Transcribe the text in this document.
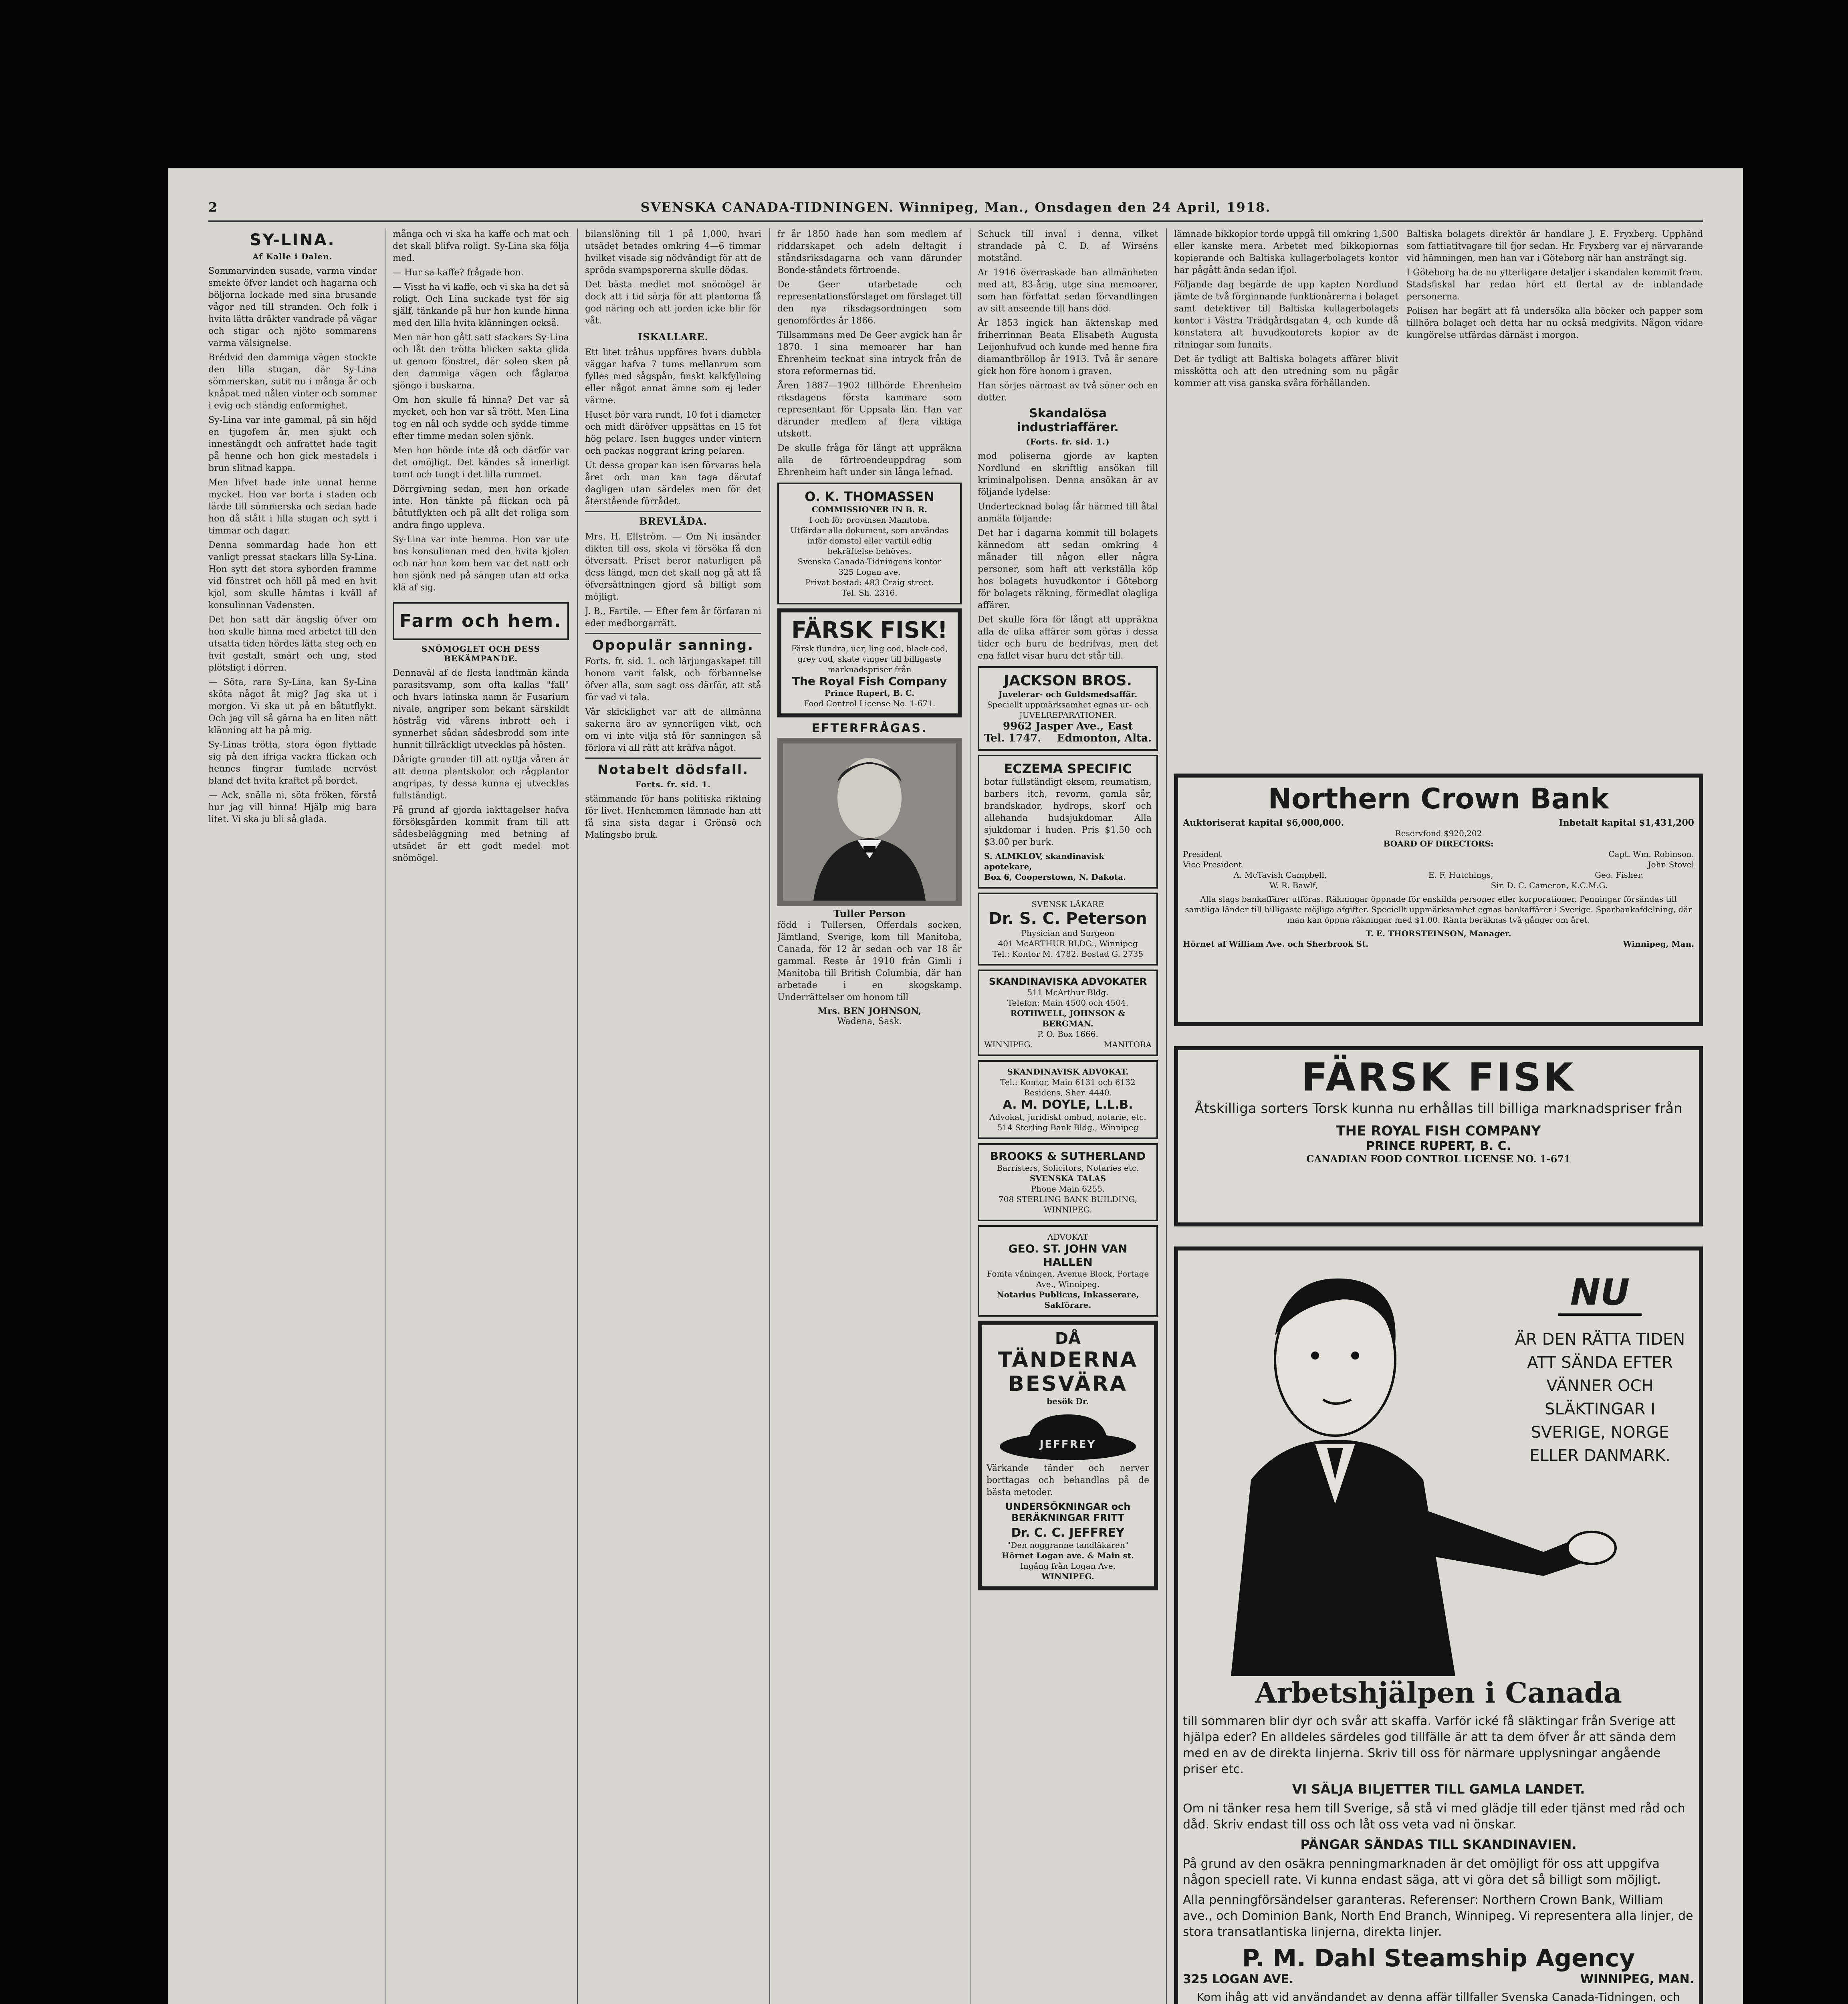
2	SVENSKA CANADA-TIDNINGEN. Winnipeg, Man., Onsdagen den 24 April, 1918.
SY-LINA.
Af Kalle i Dalen.

Sommarvinden susade, varma vindar smekte öfver landet och hagarna och böljorna lockade med sina brusande vågor ned till stranden. Och folk i hvita lätta dräkter vandrade på vägar och stigar och njöto sommarens varma välsignelse.

Brédvid den dammiga vägen stockte den lilla stugan, där Sy-Lina sömmerskan, sutit nu i många år och knåpat med nålen vinter och sommar i evig och ständig enformighet.

Sy-Lina var inte gammal, på sin höjd en tjugofem år, men sjukt och innestängdt och anfrattet hade tagit på henne och hon gick mestadels i brun slitnad kappa.

Men lifvet hade inte unnat henne mycket. Hon var borta i staden och lärde till sömmerska och sedan hade hon då stått i lilla stugan och sytt i timmar och dagar.

Denna sommardag hade hon ett vanligt pressat stackars lilla Sy-Lina. Hon sytt det stora syborden framme vid fönstret och höll på med en hvit kjol, som skulle hämtas i kväll af konsulinnan Vadensten.

Det hon satt där ängslig öfver om hon skulle hinna med arbetet till den utsatta tiden hördes lätta steg och en hvit gestalt, smärt och ung, stod plötsligt i dörren.

— Söta, rara Sy-Lina, kan Sy-Lina sköta något åt mig? Jag ska ut i morgon. Vi ska ut på en båtutflykt. Och jag vill så gärna ha en liten nätt klänning att ha på mig.

Sy-Linas trötta, stora ögon flyttade sig på den ifriga vackra flickan och hennes fingrar fumlade nervöst bland det hvita kraftet på bordet.

— Ack, snälla ni, söta fröken, förstå hur jag vill hinna! Hjälp mig bara litet. Vi ska ju bli så glada.

många och vi ska ha kaffe och mat och det skall blifva roligt. Sy-Lina ska följa med.

— Hur sa kaffe? frågade hon.

— Visst ha vi kaffe, och vi ska ha det så roligt. Och Lina suckade tyst för sig själf, tänkande på hur hon kunde hinna med den lilla hvita klänningen också.

Men när hon gått satt stackars Sy-Lina och låt den trötta blicken sakta glida ut genom fönstret, där solen sken på den dammiga vägen och fåglarna sjöngo i buskarna.

Om hon skulle få hinna? Det var så mycket, och hon var så trött. Men Lina tog en nål och sydde och sydde timme efter timme medan solen sjönk.

Men hon hörde inte då och därför var det omöjligt. Det kändes så innerligt tomt och tungt i det lilla rummet.

Dörrgivning sedan, men hon orkade inte. Hon tänkte på flickan och på båtutflykten och på allt det roliga som andra fingo uppleva.

Sy-Lina var inte hemma. Hon var ute hos konsulinnan med den hvita kjolen och när hon kom hem var det natt och hon sjönk ned på sängen utan att orka klä af sig.

Farm och hem.
SNÖMOGLET OCH DESS BEKÄMPANDE.

Dennaväl af de flesta landtmän kända parasitsvamp, som ofta kallas "fall" och hvars latinska namn är Fusarium nivale, angriper som bekant särskildt höstråg vid vårens inbrott och i synnerhet sådan sådesbrodd som inte hunnit tillräckligt utvecklas på hösten.

Dårigte grunder till att nyttja våren är att denna plantskolor och rågplantor angripas, ty dessa kunna ej utvecklas fullständigt.

På grund af gjorda iakttagelser hafva försöksgården kommit fram till att sådesbeläggning med betning af utsädet är ett godt medel mot snömögel.

bilanslöning till 1 på 1,000, hvari utsädet betades omkring 4—6 timmar hvilket visade sig nödvändigt för att de spröda svampsporerna skulle dödas.

Det bästa medlet mot snömögel är dock att i tid sörja för att plantorna få god näring och att jorden icke blir för våt.

ISKALLARE.

Ett litet tråhus uppföres hvars dubbla väggar hafva 7 tums mellanrum som fylles med sågspån, finskt kalkfyllning eller något annat ämne som ej leder värme.

Huset bör vara rundt, 10 fot i diameter och midt däröfver uppsättas en 15 fot hög pelare. Isen hugges under vintern och packas noggrant kring pelaren.

Ut dessa gropar kan isen förvaras hela året och man kan taga därutaf dagligen utan särdeles men för det återstående förrådet.

BREVLÅDA.

Mrs. H. Ellström. — Om Ni insänder dikten till oss, skola vi försöka få den öfversatt. Priset beror naturligen på dess längd, men det skall nog gå att få öfversättningen gjord så billigt som möjligt.

J. B., Fartile. — Efter fem år förfaran ni eder medborgarrätt.

Opopulär sanning.

Forts. fr. sid. 1. och lärjungaskapet till honom varit falsk, och förbannelse öfver alla, som sagt oss därför, att stå för vad vi tala.

Vår skicklighet var att de allmänna sakerna äro av synnerligen vikt, och om vi inte vilja stå för sanningen så förlora vi all rätt att kräfva något.

Notabelt dödsfall.
Forts. fr. sid. 1.

stämmande för hans politiska riktning för livet. Henhemmen lämnade han att få sina sista dagar i Grönsö och Malingsbo bruk.

fr år 1850 hade han som medlem af riddarskapet och adeln deltagit i ståndsriksdagarna och vann därunder Bonde-ståndets förtroende.

De Geer utarbetade och representationsförslaget om förslaget till den nya riksdagsordningen som genomfördes år 1866.

Tillsammans med De Geer avgick han år 1870. I sina memoarer har han Ehrenheim tecknat sina intryck från de stora reformernas tid.

Åren 1887—1902 tillhörde Ehrenheim riksdagens första kammare som representant för Uppsala län. Han var därunder medlem af flera viktiga utskott.

De skulle fråga för längt att uppräkna alla de förtroendeuppdrag som Ehrenheim haft under sin långa lefnad.

O. K. THOMASSEN
COMMISSIONER IN B. R.
I och för provinsen Manitoba.
Utfärdar alla dokument, som användas inför domstol eller vartill edlig bekräftelse behöves.
Svenska Canada-Tidningens kontor
325 Logan ave.
Privat bostad: 483 Craig street.
Tel. Sh. 2316.
FÄRSK FISK!
Färsk flundra, uer, ling cod, black cod, grey cod, skate vinger till billigaste marknadspriser från
The Royal Fish Company
Prince Rupert, B. C.
Food Control License No. 1-671.
EFTERFRÅGAS.
Tuller Person

född i Tullersen, Offerdals socken, Jämtland, Sverige, kom till Manitoba, Canada, för 12 år sedan och var 18 år gammal. Reste år 1910 från Gimli i Manitoba till British Columbia, där han arbetade i en skogskamp. Underrättelser om honom till

Mrs. BEN JOHNSON,
Wadena, Sask.

Schuck till inval i denna, vilket strandade på C. D. af Wirséns motstånd.

Ar 1916 överraskade han allmänheten med att, 83-årig, utge sina memoarer, som han författat sedan förvandlingen av sitt anseende till hans död.

År 1853 ingick han äktenskap med friherrinnan Beata Elisabeth Augusta Leijonhufvud och kunde med henne fira diamantbröllop år 1913. Två år senare gick hon före honom i graven.

Han sörjes närmast av två söner och en dotter.

Skandalösa industriaffärer.
(Forts. fr. sid. 1.)

mod poliserna gjorde av kapten Nordlund en skriftlig ansökan till kriminalpolisen. Denna ansökan är av följande lydelse:

Undertecknad bolag får härmed till åtal anmäla följande:

Det har i dagarna kommit till bolagets kännedom att sedan omkring 4 månader till någon eller några personer, som haft att verkställa köp hos bolagets huvudkontor i Göteborg för bolagets räkning, förmedlat olagliga affärer.

Det skulle föra för långt att uppräkna alla de olika affärer som göras i dessa tider och huru de bedrifvas, men det ena fallet visar huru det står till.

JACKSON BROS.
Juvelerar- och Guldsmedsaffär.
Speciellt uppmärksamhet egnas ur- och JUVELREPARATIONER.
9962 Jasper Ave., East
Tel. 1747. Edmonton, Alta.
ECZEMA SPECIFIC

botar fullständigt eksem, reumatism, barbers itch, revorm, gamla sår, brandskador, hydrops, skorf och allehanda hudsjukdomar. Alla sjukdomar i huden. Pris $1.50 och $3.00 per burk.

S. ALMKLOV, skandinavisk apotekare,
Box 6, Cooperstown, N. Dakota.
SVENSK LÄKARE
Dr. S. C. Peterson
Physician and Surgeon
401 McARTHUR BLDG., Winnipeg
Tel.: Kontor M. 4782. Bostad G. 2735
SKANDINAVISKA ADVOKATER
511 McArthur Bldg.
Telefon: Main 4500 och 4504.
ROTHWELL, JOHNSON & BERGMAN.
P. O. Box 1666.
WINNIPEG.	MANITOBA
SKANDINAVISK ADVOKAT.
Tel.: Kontor, Main 6131 och 6132
Residens, Sher. 4440.
A. M. DOYLE, L.L.B.
Advokat, juridiskt ombud, notarie, etc.
514 Sterling Bank Bldg., Winnipeg
BROOKS & SUTHERLAND
Barristers, Solicitors, Notaries etc.
SVENSKA TALAS
Phone Main 6255.
708 STERLING BANK BUILDING, WINNIPEG.
ADVOKAT
GEO. ST. JOHN VAN HALLEN
Fomta våningen, Avenue Block, Portage Ave., Winnipeg.
Notarius Publicus, Inkasserare, Sakförare.
DÅ
TÄNDERNA
BESVÄRA
besök Dr.
JEFFREY

Värkande tänder och nerver borttagas och behandlas på de bästa metoder.

UNDERSÖKNINGAR och BERÄKNINGAR FRITT
Dr. C. C. JEFFREY
"Den noggranne tandläkaren"
Hörnet Logan ave. & Main st.
Ingång från Logan Ave.
WINNIPEG.

lämnade bikkopior torde uppgå till omkring 1,500 eller kanske mera. Arbetet med bikkopiornas kopierande och Baltiska kullagerbolagets kontor har pågått ända sedan ifjol.

Följande dag begärde de upp kapten Nordlund jämte de två förginnande funktionärerna i bolaget samt detektiver till Baltiska kullagerbolagets kontor i Västra Trädgårdsgatan 4, och kunde då konstatera att huvudkontorets kopior av de ritningar som funnits.

Det är tydligt att Baltiska bolagets affärer blivit misskötta och att den utredning som nu pågår kommer att visa ganska svåra förhållanden.

Baltiska bolagets direktör är handlare J. E. Fryxberg. Upphänd som fattiatitvagare till fjor sedan. Hr. Fryxberg var ej närvarande vid hämningen, men han var i Göteborg när han ansträngt sig.

I Göteborg ha de nu ytterligare detaljer i skandalen kommit fram. Stadsfiskal har redan hört ett flertal av de inblandade personerna.

Polisen har begärt att få undersöka alla böcker och papper som tillhöra bolaget och detta har nu också medgivits. Någon vidare kungörelse utfärdas därnäst i morgon.

Northern Crown Bank
Auktoriserat kapital $6,000,000.	Inbetalt kapital $1,431,200
Reservfond $920,202
BOARD OF DIRECTORS:
President	Capt. Wm. Robinson.
Vice President	John Stovel
A. McTavish Campbell,	E. F. Hutchings,	Geo. Fisher.
W. R. Bawlf,	Sir. D. C. Cameron, K.C.M.G.

Alla slags bankaffärer utföras. Räkningar öppnade för enskilda personer eller korporationer. Penningar försändas till samtliga länder till billigaste möjliga afgifter. Speciellt uppmärksamhet egnas bankaffärer i Sverige. Sparbankafdelning, där man kan öppna räkningar med $1.00. Ränta beräknas två gånger om året.

T. E. THORSTEINSON, Manager.
Hörnet af William Ave. och Sherbrook St.	Winnipeg, Man.
FÄRSK FISK
Åtskilliga sorters Torsk kunna nu erhållas till billiga marknadspriser från
THE ROYAL FISH COMPANY
PRINCE RUPERT, B. C.
CANADIAN FOOD CONTROL LICENSE NO. 1-671
NU
ÄR DEN RÄTTA TIDEN ATT SÄNDA EFTER VÄNNER OCH SLÄKTINGAR I SVERIGE, NORGE ELLER DANMARK.
Arbetshjälpen i Canada

till sommaren blir dyr och svår att skaffa. Varför ické få släktingar från Sverige att hjälpa eder? En alldeles särdeles god tillfälle är att ta dem öfver år att sända dem med en av de direkta linjerna. Skriv till oss för närmare upplysningar angående priser etc.

VI SÄLJA BILJETTER TILL GAMLA LANDET.

Om ni tänker resa hem till Sverige, så stå vi med glädje till eder tjänst med råd och dåd. Skriv endast till oss och låt oss veta vad ni önskar.

PÄNGAR SÄNDAS TILL SKANDINAVIEN.

På grund av den osäkra penningmarknaden är det omöjligt för oss att uppgifva någon speciell rate. Vi kunna endast säga, att vi göra det så billigt som möjligt.

Alla penningförsändelser garanteras. Referenser: Northern Crown Bank, William ave., och Dominion Bank, North End Branch, Winnipeg. Vi representera alla linjer, de stora transatlantiska linjerna, direkta linjer.

P. M. Dahl Steamship Agency
325 LOGAN AVE.	WINNIPEG, MAN.

Kom ihåg att vid användandet av denna affär tillfaller Svenska Canada-Tidningen, och
